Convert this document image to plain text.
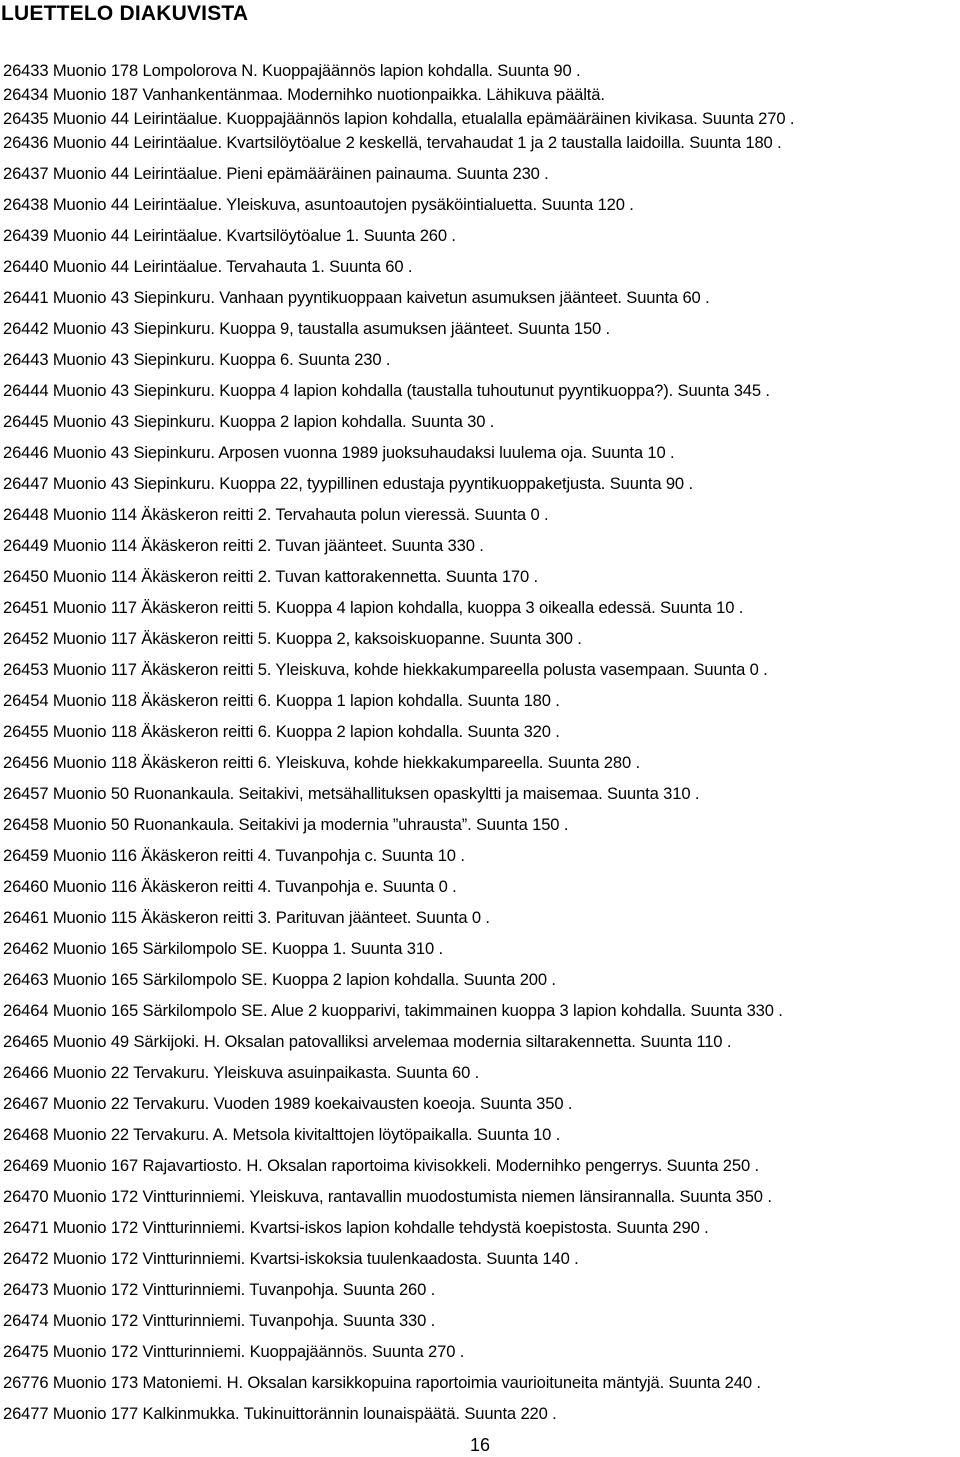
LUETTELO DIAKUVISTA
26433 Muonio 178 Lompolorova N. Kuoppajäännös lapion kohdalla. Suunta 90 .
26434 Muonio 187 Vanhankentänmaa. Modernihko nuotionpaikka. Lähikuva päältä.
26435 Muonio 44 Leirintäalue. Kuoppajäännös lapion kohdalla, etualalla epämääräinen kivikasa. Suunta 270 .
26436 Muonio 44 Leirintäalue. Kvartsilöytöalue 2 keskellä, tervahaudat 1 ja 2 taustalla laidoilla. Suunta 180 .
26437 Muonio 44 Leirintäalue. Pieni epämääräinen painauma. Suunta 230 .
26438 Muonio 44 Leirintäalue. Yleiskuva, asuntoautojen pysäköintialuetta. Suunta 120 .
26439 Muonio 44 Leirintäalue. Kvartsilöytöalue 1. Suunta 260 .
26440 Muonio 44 Leirintäalue. Tervahauta 1. Suunta 60 .
26441 Muonio 43 Siepinkuru. Vanhaan pyyntikuoppaan kaivetun asumuksen jäänteet. Suunta 60 .
26442 Muonio 43 Siepinkuru. Kuoppa 9, taustalla asumuksen jäänteet. Suunta 150 .
26443 Muonio 43 Siepinkuru. Kuoppa 6. Suunta 230 .
26444 Muonio 43 Siepinkuru. Kuoppa 4 lapion kohdalla (taustalla tuhoutunut pyyntikuoppa?). Suunta 345 .
26445 Muonio 43 Siepinkuru. Kuoppa 2 lapion kohdalla. Suunta 30 .
26446 Muonio 43 Siepinkuru. Arposen vuonna 1989 juoksuhaudaksi luulema oja. Suunta 10 .
26447 Muonio 43 Siepinkuru. Kuoppa 22, tyypillinen edustaja pyyntikuoppaketjusta. Suunta 90 .
26448 Muonio 114 Äkäskeron reitti 2. Tervahauta polun vieressä. Suunta 0 .
26449 Muonio 114 Äkäskeron reitti 2. Tuvan jäänteet. Suunta 330 .
26450 Muonio 114 Äkäskeron reitti 2. Tuvan kattorakennetta. Suunta 170 .
26451 Muonio 117 Äkäskeron reitti 5. Kuoppa 4 lapion kohdalla, kuoppa 3 oikealla edessä. Suunta 10 .
26452 Muonio 117 Äkäskeron reitti 5. Kuoppa 2, kaksoiskuopanne. Suunta 300 .
26453 Muonio 117 Äkäskeron reitti 5. Yleiskuva, kohde hiekkakumpareella polusta vasempaan. Suunta 0 .
26454 Muonio 118 Äkäskeron reitti 6. Kuoppa 1 lapion kohdalla. Suunta 180 .
26455 Muonio 118 Äkäskeron reitti 6. Kuoppa 2 lapion kohdalla. Suunta 320 .
26456 Muonio 118 Äkäskeron reitti 6. Yleiskuva, kohde hiekkakumpareella. Suunta 280 .
26457 Muonio 50 Ruonankaula. Seitakivi, metsähallituksen opaskyltti ja maisemaa. Suunta 310 .
26458 Muonio 50 Ruonankaula. Seitakivi ja modernia ”uhrausta”. Suunta 150 .
26459 Muonio 116 Äkäskeron reitti 4. Tuvanpohja c. Suunta 10 .
26460 Muonio 116 Äkäskeron reitti 4. Tuvanpohja e. Suunta 0 .
26461 Muonio 115 Äkäskeron reitti 3. Parituvan jäänteet. Suunta 0 .
26462 Muonio 165 Särkilompolo SE. Kuoppa 1. Suunta 310 .
26463 Muonio 165 Särkilompolo SE. Kuoppa 2 lapion kohdalla. Suunta 200 .
26464 Muonio 165 Särkilompolo SE. Alue 2 kuopparivi, takimmainen kuoppa 3 lapion kohdalla. Suunta 330 .
26465 Muonio 49 Särkijoki. H. Oksalan patovalliksi arvelemaa modernia siltarakennetta. Suunta 110 .
26466 Muonio 22 Tervakuru. Yleiskuva asuinpaikasta. Suunta 60 .
26467 Muonio 22 Tervakuru. Vuoden 1989 koekaivausten koeoja. Suunta 350 .
26468 Muonio 22 Tervakuru. A. Metsola kivitalttojen löytöpaikalla. Suunta 10 .
26469 Muonio 167 Rajavartiosto. H. Oksalan raportoima kivisokkeli. Modernihko pengerrys. Suunta 250 .
26470 Muonio 172 Vintturinniemi. Yleiskuva, rantavallin muodostumista niemen länsirannalla. Suunta 350 .
26471 Muonio 172 Vintturinniemi. Kvartsi-iskos lapion kohdalle tehdystä koepistosta. Suunta 290 .
26472 Muonio 172 Vintturinniemi. Kvartsi-iskoksia tuulenkaadosta. Suunta 140 .
26473 Muonio 172 Vintturinniemi. Tuvanpohja. Suunta 260 .
26474 Muonio 172 Vintturinniemi. Tuvanpohja. Suunta 330 .
26475 Muonio 172 Vintturinniemi. Kuoppajäännös. Suunta 270 .
26776 Muonio 173 Matoniemi. H. Oksalan karsikkopuina raportoimia vaurioituneita mäntyjä. Suunta 240 .
26477 Muonio 177 Kalkinmukka. Tukinuittorännin lounaispäätä. Suunta 220 .
16
